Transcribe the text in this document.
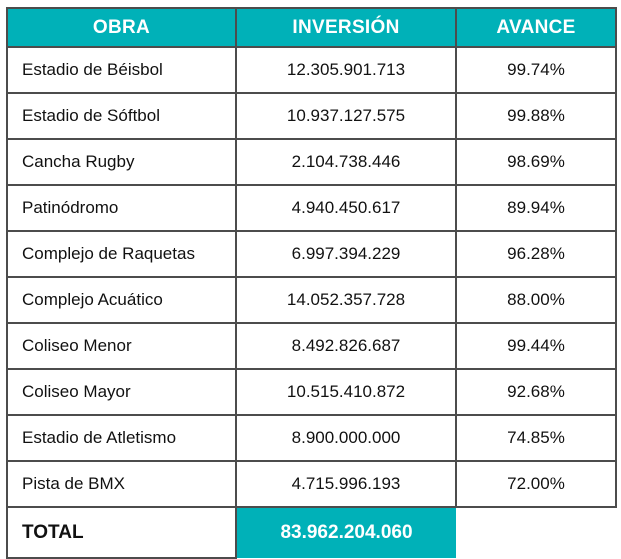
OBRA	INVERSIÓN	AVANCE
Estadio de Béisbol	12.305.901.713	99.74%
Estadio de Sóftbol	10.937.127.575	99.88%
Cancha Rugby	2.104.738.446	98.69%
Patinódromo	4.940.450.617	89.94%
Complejo de Raquetas	6.997.394.229	96.28%
Complejo Acuático	14.052.357.728	88.00%
Coliseo Menor	8.492.826.687	99.44%
Coliseo Mayor	10.515.410.872	92.68%
Estadio de Atletismo	8.900.000.000	74.85%
Pista de BMX	4.715.996.193	72.00%
TOTAL	83.962.204.060	
